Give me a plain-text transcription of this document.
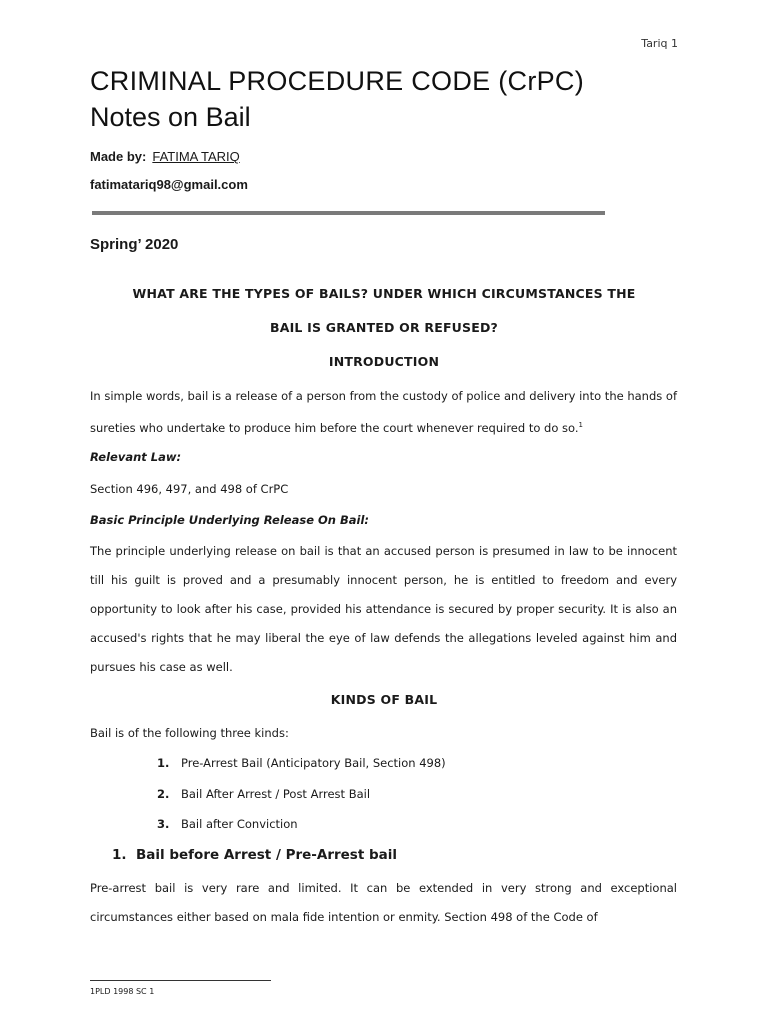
Tariq 1
CRIMINAL PROCEDURE CODE (CrPC)
Notes on Bail
Made by: FATIMA TARIQ
fatimatariq98@gmail.com
Spring’ 2020
WHAT ARE THE TYPES OF BAILS? UNDER WHICH CIRCUMSTANCES THE
BAIL IS GRANTED OR REFUSED?
INTRODUCTION
In simple words, bail is a release of a person from the custody of police and delivery into the hands of sureties who undertake to produce him before the court whenever required to do so.$^1$
Relevant Law:
Section 496, 497, and 498 of CrPC
Basic Principle Underlying Release On Bail:
The principle underlying release on bail is that an accused person is presumed in law to be innocent till his guilt is proved and a presumably innocent person, he is entitled to freedom and every opportunity to look after his case, provided his attendance is secured by proper security. It is also an accused's rights that he may liberal the eye of law defends the allegations leveled against him and pursues his case as well.
KINDS OF BAIL
Bail is of the following three kinds:
1. Pre-Arrest Bail (Anticipatory Bail, Section 498)
2. Bail After Arrest / Post Arrest Bail
3. Bail after Conviction
1. Bail before Arrest / Pre-Arrest bail
Pre-arrest bail is very rare and limited. It can be extended in very strong and exceptional circumstances either based on mala fide intention or enmity. Section 498 of the Code of
1PLD 1998 SC 1
